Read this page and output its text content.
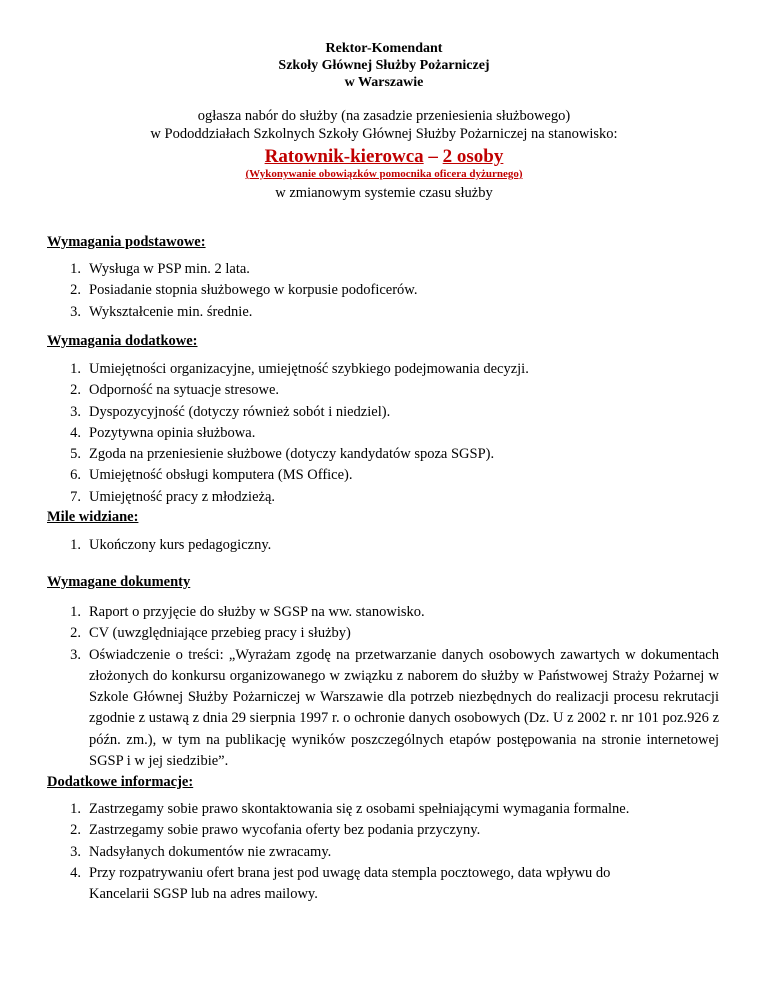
Rektor-Komendant
Szkoły Głównej Służby Pożarniczej
w Warszawie
ogłasza nabór do służby (na zasadzie przeniesienia służbowego)
w Pododdziałach Szkolnych Szkoły Głównej Służby Pożarniczej na stanowisko:
Ratownik-kierowca – 2 osoby
(Wykonywanie obowiązków pomocnika oficera dyżurnego)
w zmianowym systemie czasu służby
Wymagania podstawowe:
1. Wysługa w PSP min. 2 lata.
2. Posiadanie stopnia służbowego w korpusie podoficerów.
3. Wykształcenie min. średnie.
Wymagania dodatkowe:
1. Umiejętności organizacyjne, umiejętność szybkiego podejmowania decyzji.
2. Odporność na sytuacje stresowe.
3. Dyspozycyjność (dotyczy również sobót i niedziel).
4. Pozytywna opinia służbowa.
5. Zgoda na przeniesienie służbowe (dotyczy kandydatów spoza SGSP).
6. Umiejętność obsługi komputera (MS Office).
7. Umiejętność pracy z młodzieżą.
Mile widziane:
1. Ukończony kurs pedagogiczny.
Wymagane dokumenty
1. Raport o przyjęcie do służby w SGSP na ww. stanowisko.
2. CV (uwzględniające przebieg pracy i służby)
3. Oświadczenie o treści: „Wyrażam zgodę na przetwarzanie danych osobowych zawartych w dokumentach złożonych do konkursu organizowanego w związku z naborem do służby w Państwowej Straży Pożarnej w Szkole Głównej Służby Pożarniczej w Warszawie dla potrzeb niezbędnych do realizacji procesu rekrutacji zgodnie z ustawą z dnia 29 sierpnia 1997 r. o ochronie danych osobowych (Dz. U z 2002 r. nr 101 poz.926 z późn. zm.), w tym na publikację wyników poszczególnych etapów postępowania na stronie internetowej SGSP i w jej siedzibie”.
Dodatkowe informacje:
1. Zastrzegamy sobie prawo skontaktowania się z osobami spełniającymi wymagania formalne.
2. Zastrzegamy sobie prawo wycofania oferty bez podania przyczyny.
3. Nadsyłanych dokumentów nie zwracamy.
4. Przy rozpatrywaniu ofert brana jest pod uwagę data stempla pocztowego, data wpływu do Kancelarii SGSP lub na adres mailowy.
